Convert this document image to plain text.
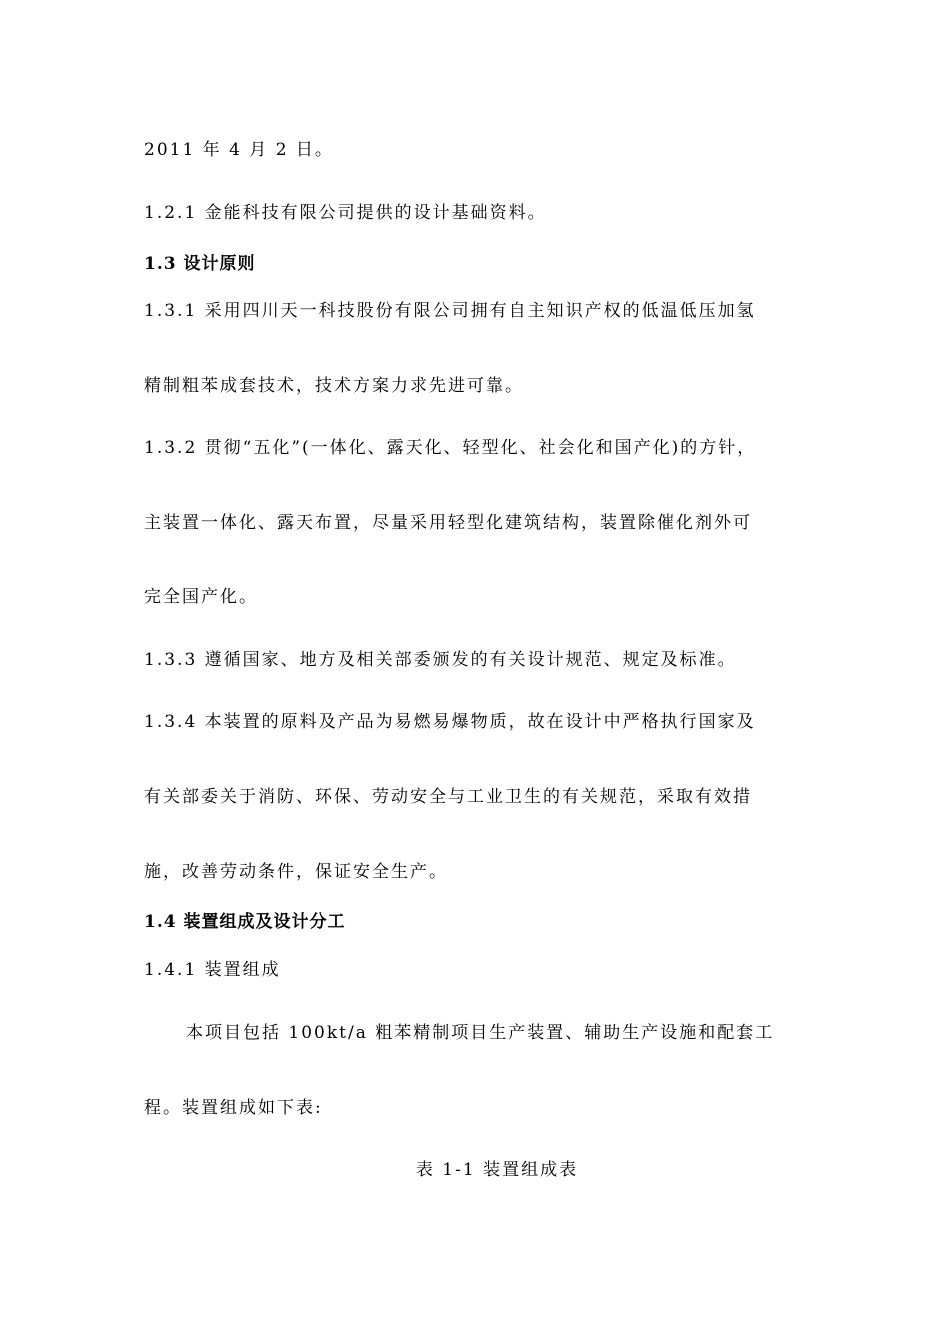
2011 年 4 月 2 日。
1.2.1 金能科技有限公司提供的设计基础资料。
1.3 设计原则
1.3.1 采用四川天一科技股份有限公司拥有自主知识产权的低温低压加氢
精制粗苯成套技术，技术方案力求先进可靠。
1.3.2 贯彻“五化”(一体化、露天化、轻型化、社会化和国产化)的方针，
主装置一体化、露天布置，尽量采用轻型化建筑结构，装置除催化剂外可
完全国产化。
1.3.3 遵循国家、地方及相关部委颁发的有关设计规范、规定及标准。
1.3.4 本装置的原料及产品为易燃易爆物质，故在设计中严格执行国家及
有关部委关于消防、环保、劳动安全与工业卫生的有关规范，采取有效措
施，改善劳动条件，保证安全生产。
1.4 装置组成及设计分工
1.4.1 装置组成
本项目包括 100kt/a 粗苯精制项目生产装置、辅助生产设施和配套工
程。装置组成如下表:
表 1-1 装置组成表
